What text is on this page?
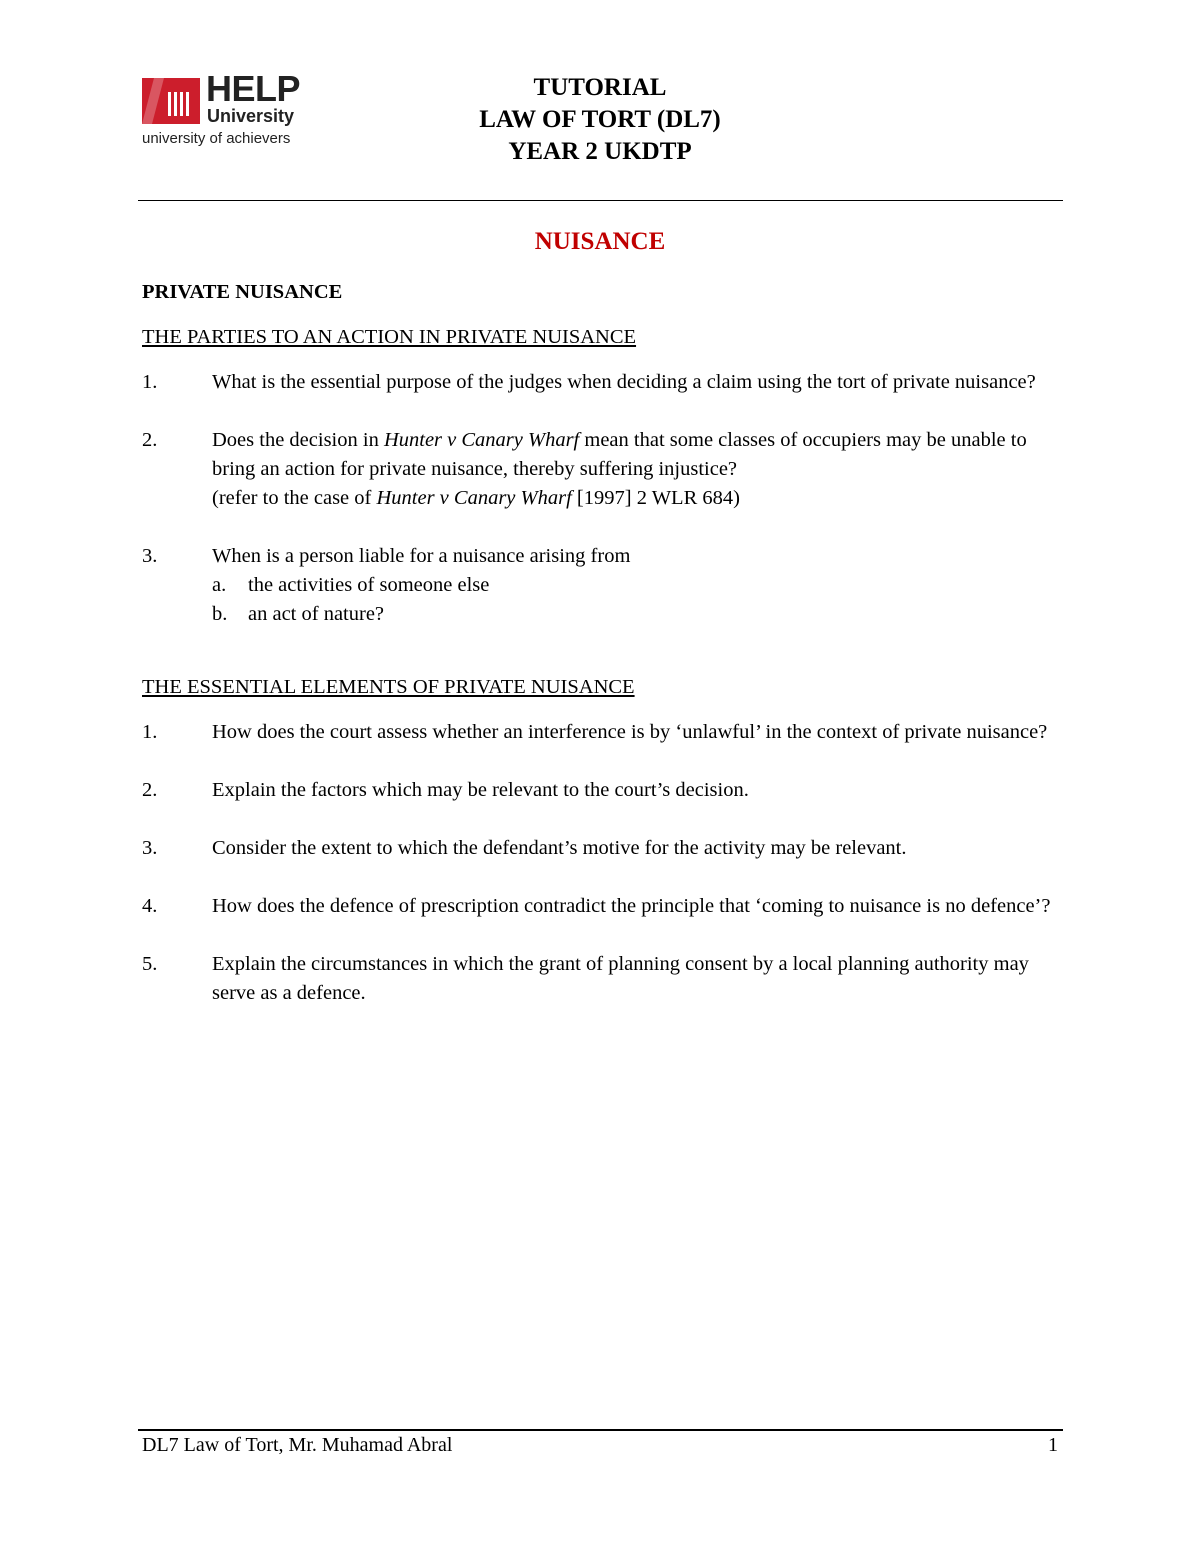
HELP
University
university of achievers
TUTORIAL
LAW OF TORT (DL7)
YEAR 2 UKDTP
NUISANCE
PRIVATE NUISANCE
THE PARTIES TO AN ACTION IN PRIVATE NUISANCE
1.	What is the essential purpose of the judges when deciding a claim using the tort of private nuisance?
2.	Does the decision in Hunter v Canary Wharf mean that some classes of occupiers may be unable to bring an action for private nuisance, thereby suffering injustice?
(refer to the case of Hunter v Canary Wharf [1997] 2 WLR 684)
3.	When is a person liable for a nuisance arising from
a.	the activities of someone else
b.	an act of nature?
THE ESSENTIAL ELEMENTS OF PRIVATE NUISANCE
1.	How does the court assess whether an interference is by ‘unlawful’ in the context of private nuisance?
2.	Explain the factors which may be relevant to the court’s decision.
3.	Consider the extent to which the defendant’s motive for the activity may be relevant.
4.	How does the defence of prescription contradict the principle that ‘coming to nuisance is no defence’?
5.	Explain the circumstances in which the grant of planning consent by a local planning authority may serve as a defence.
DL7 Law of Tort, Mr. Muhamad Abral	1
